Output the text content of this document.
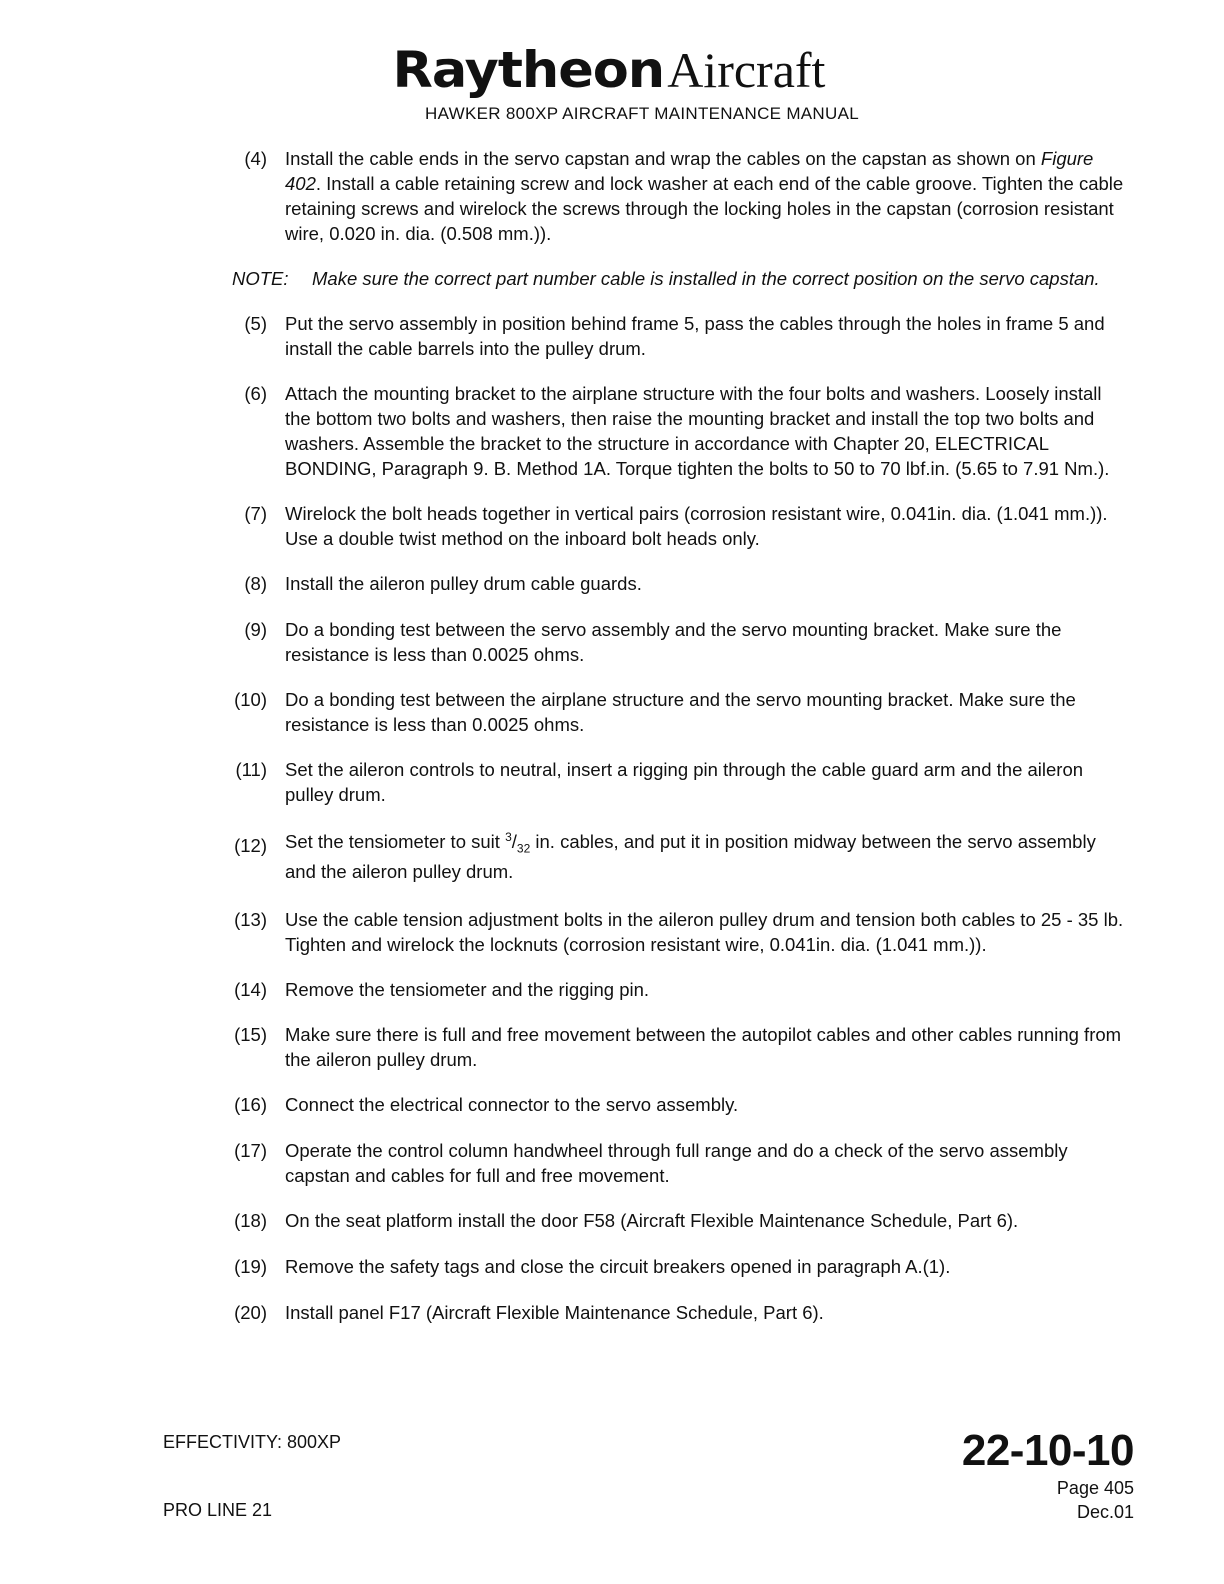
RaytheonAircraft
HAWKER 800XP AIRCRAFT MAINTENANCE MANUAL
(4) Install the cable ends in the servo capstan and wrap the cables on the capstan as shown on Figure 402. Install a cable retaining screw and lock washer at each end of the cable groove. Tighten the cable retaining screws and wirelock the screws through the locking holes in the capstan (corrosion resistant wire, 0.020 in. dia. (0.508 mm.)).
NOTE: Make sure the correct part number cable is installed in the correct position on the servo capstan.
(5) Put the servo assembly in position behind frame 5, pass the cables through the holes in frame 5 and install the cable barrels into the pulley drum.
(6) Attach the mounting bracket to the airplane structure with the four bolts and washers. Loosely install the bottom two bolts and washers, then raise the mounting bracket and install the top two bolts and washers. Assemble the bracket to the structure in accordance with Chapter 20, ELECTRICAL BONDING, Paragraph 9. B. Method 1A. Torque tighten the bolts to 50 to 70 lbf.in. (5.65 to 7.91 Nm.).
(7) Wirelock the bolt heads together in vertical pairs (corrosion resistant wire, 0.041in. dia. (1.041 mm.)). Use a double twist method on the inboard bolt heads only.
(8) Install the aileron pulley drum cable guards.
(9) Do a bonding test between the servo assembly and the servo mounting bracket. Make sure the resistance is less than 0.0025 ohms.
(10) Do a bonding test between the airplane structure and the servo mounting bracket. Make sure the resistance is less than 0.0025 ohms.
(11) Set the aileron controls to neutral, insert a rigging pin through the cable guard arm and the aileron pulley drum.
(12) Set the tensiometer to suit $^3/_{32}$ in. cables, and put it in position midway between the servo assembly and the aileron pulley drum.
(13) Use the cable tension adjustment bolts in the aileron pulley drum and tension both cables to 25 - 35 lb. Tighten and wirelock the locknuts (corrosion resistant wire, 0.041in. dia. (1.041 mm.)).
(14) Remove the tensiometer and the rigging pin.
(15) Make sure there is full and free movement between the autopilot cables and other cables running from the aileron pulley drum.
(16) Connect the electrical connector to the servo assembly.
(17) Operate the control column handwheel through full range and do a check of the servo assembly capstan and cables for full and free movement.
(18) On the seat platform install the door F58 (Aircraft Flexible Maintenance Schedule, Part 6).
(19) Remove the safety tags and close the circuit breakers opened in paragraph A.(1).
(20) Install panel F17 (Aircraft Flexible Maintenance Schedule, Part 6).
EFFECTIVITY: 800XP
PRO LINE 21
22-10-10
Page 405
Dec.01
